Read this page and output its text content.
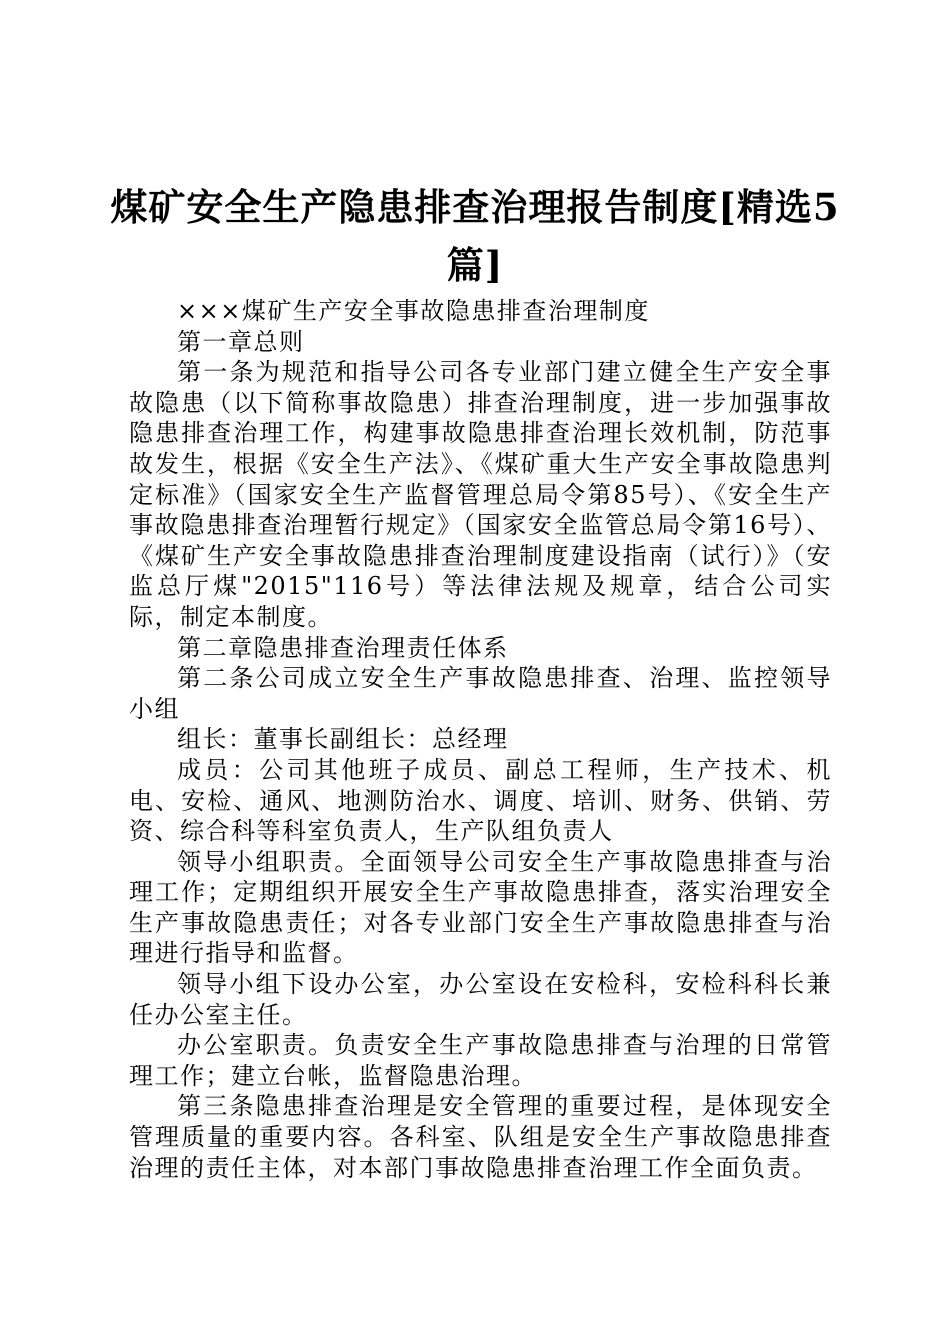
煤矿安全生产隐患排查治理报告制度[精选5篇]

×××煤矿生产安全事故隐患排查治理制度

第一章总则

第一条为规范和指导公司各专业部门建立健全生产安全事故隐患（以下简称事故隐患）排查治理制度，进一步加强事故隐患排查治理工作，构建事故隐患排查治理长效机制，防范事故发生，根据《安全生产法》、《煤矿重大生产安全事故隐患判定标准》（国家安全生产监督管理总局令第85号）、《安全生产事故隐患排查治理暂行规定》（国家安全监管总局令第16号）、《煤矿生产安全事故隐患排查治理制度建设指南（试行）》（安监总厅煤"2015"116号）等法律法规及规章，结合公司实际，制定本制度。

第二章隐患排查治理责任体系

第二条公司成立安全生产事故隐患排查、治理、监控领导小组

组长：董事长副组长：总经理

成员：公司其他班子成员、副总工程师，生产技术、机电、安检、通风、地测防治水、调度、培训、财务、供销、劳资、综合科等科室负责人，生产队组负责人

领导小组职责。全面领导公司安全生产事故隐患排查与治理工作；定期组织开展安全生产事故隐患排查，落实治理安全生产事故隐患责任；对各专业部门安全生产事故隐患排查与治理进行指导和监督。

领导小组下设办公室，办公室设在安检科，安检科科长兼任办公室主任。

办公室职责。负责安全生产事故隐患排查与治理的日常管理工作；建立台帐，监督隐患治理。

第三条隐患排查治理是安全管理的重要过程，是体现安全管理质量的重要内容。各科室、队组是安全生产事故隐患排查治理的责任主体，对本部门事故隐患排查治理工作全面负责。
